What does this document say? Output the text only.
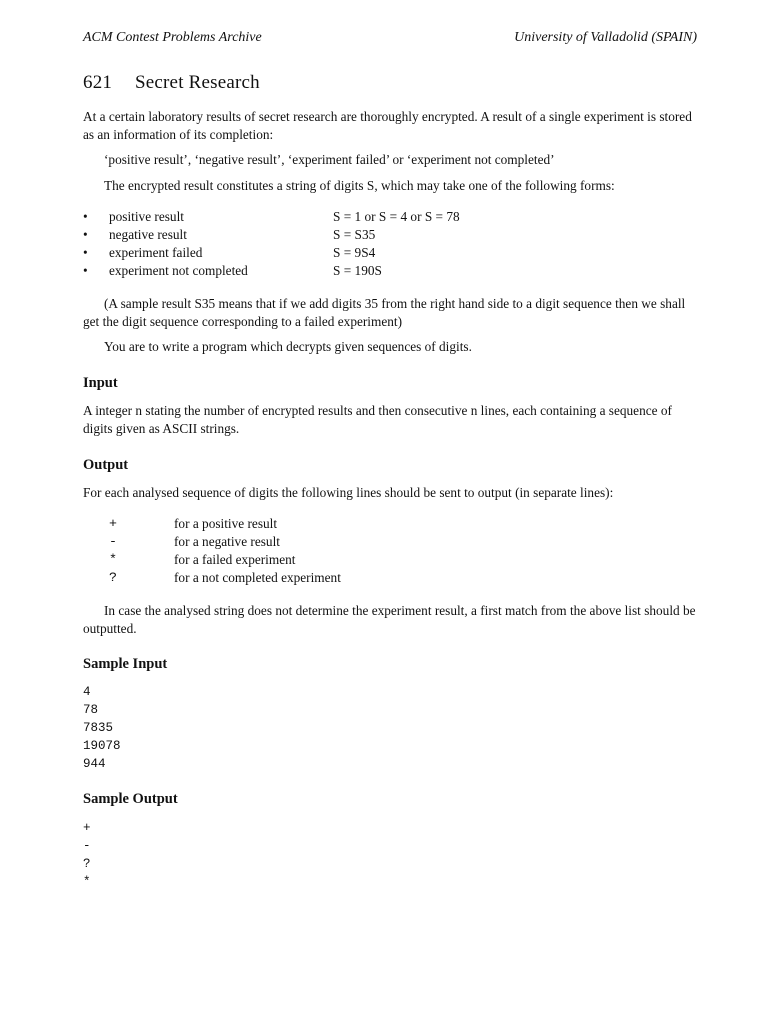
ACM Contest Problems Archive	University of Valladolid (SPAIN)
621 Secret Research
At a certain laboratory results of secret research are thoroughly encrypted. A result of a single experiment is stored as an information of its completion:
‘positive result’, ‘negative result’, ‘experiment failed’ or ‘experiment not completed’
The encrypted result constitutes a string of digits S, which may take one of the following forms:
• positive result	S = 1 or S = 4 or S = 78
• negative result	S = S35
• experiment failed	S = 9S4
• experiment not completed	S = 190S
(A sample result S35 means that if we add digits 35 from the right hand side to a digit sequence then we shall get the digit sequence corresponding to a failed experiment)
You are to write a program which decrypts given sequences of digits.
Input
A integer n stating the number of encrypted results and then consecutive n lines, each containing a sequence of digits given as ASCII strings.
Output
For each analysed sequence of digits the following lines should be sent to output (in separate lines):
+	for a positive result
-	for a negative result
*	for a failed experiment
?	for a not completed experiment
In case the analysed string does not determine the experiment result, a first match from the above list should be outputted.
Sample Input
4
78
7835
19078
944
Sample Output
+
-
?
*
